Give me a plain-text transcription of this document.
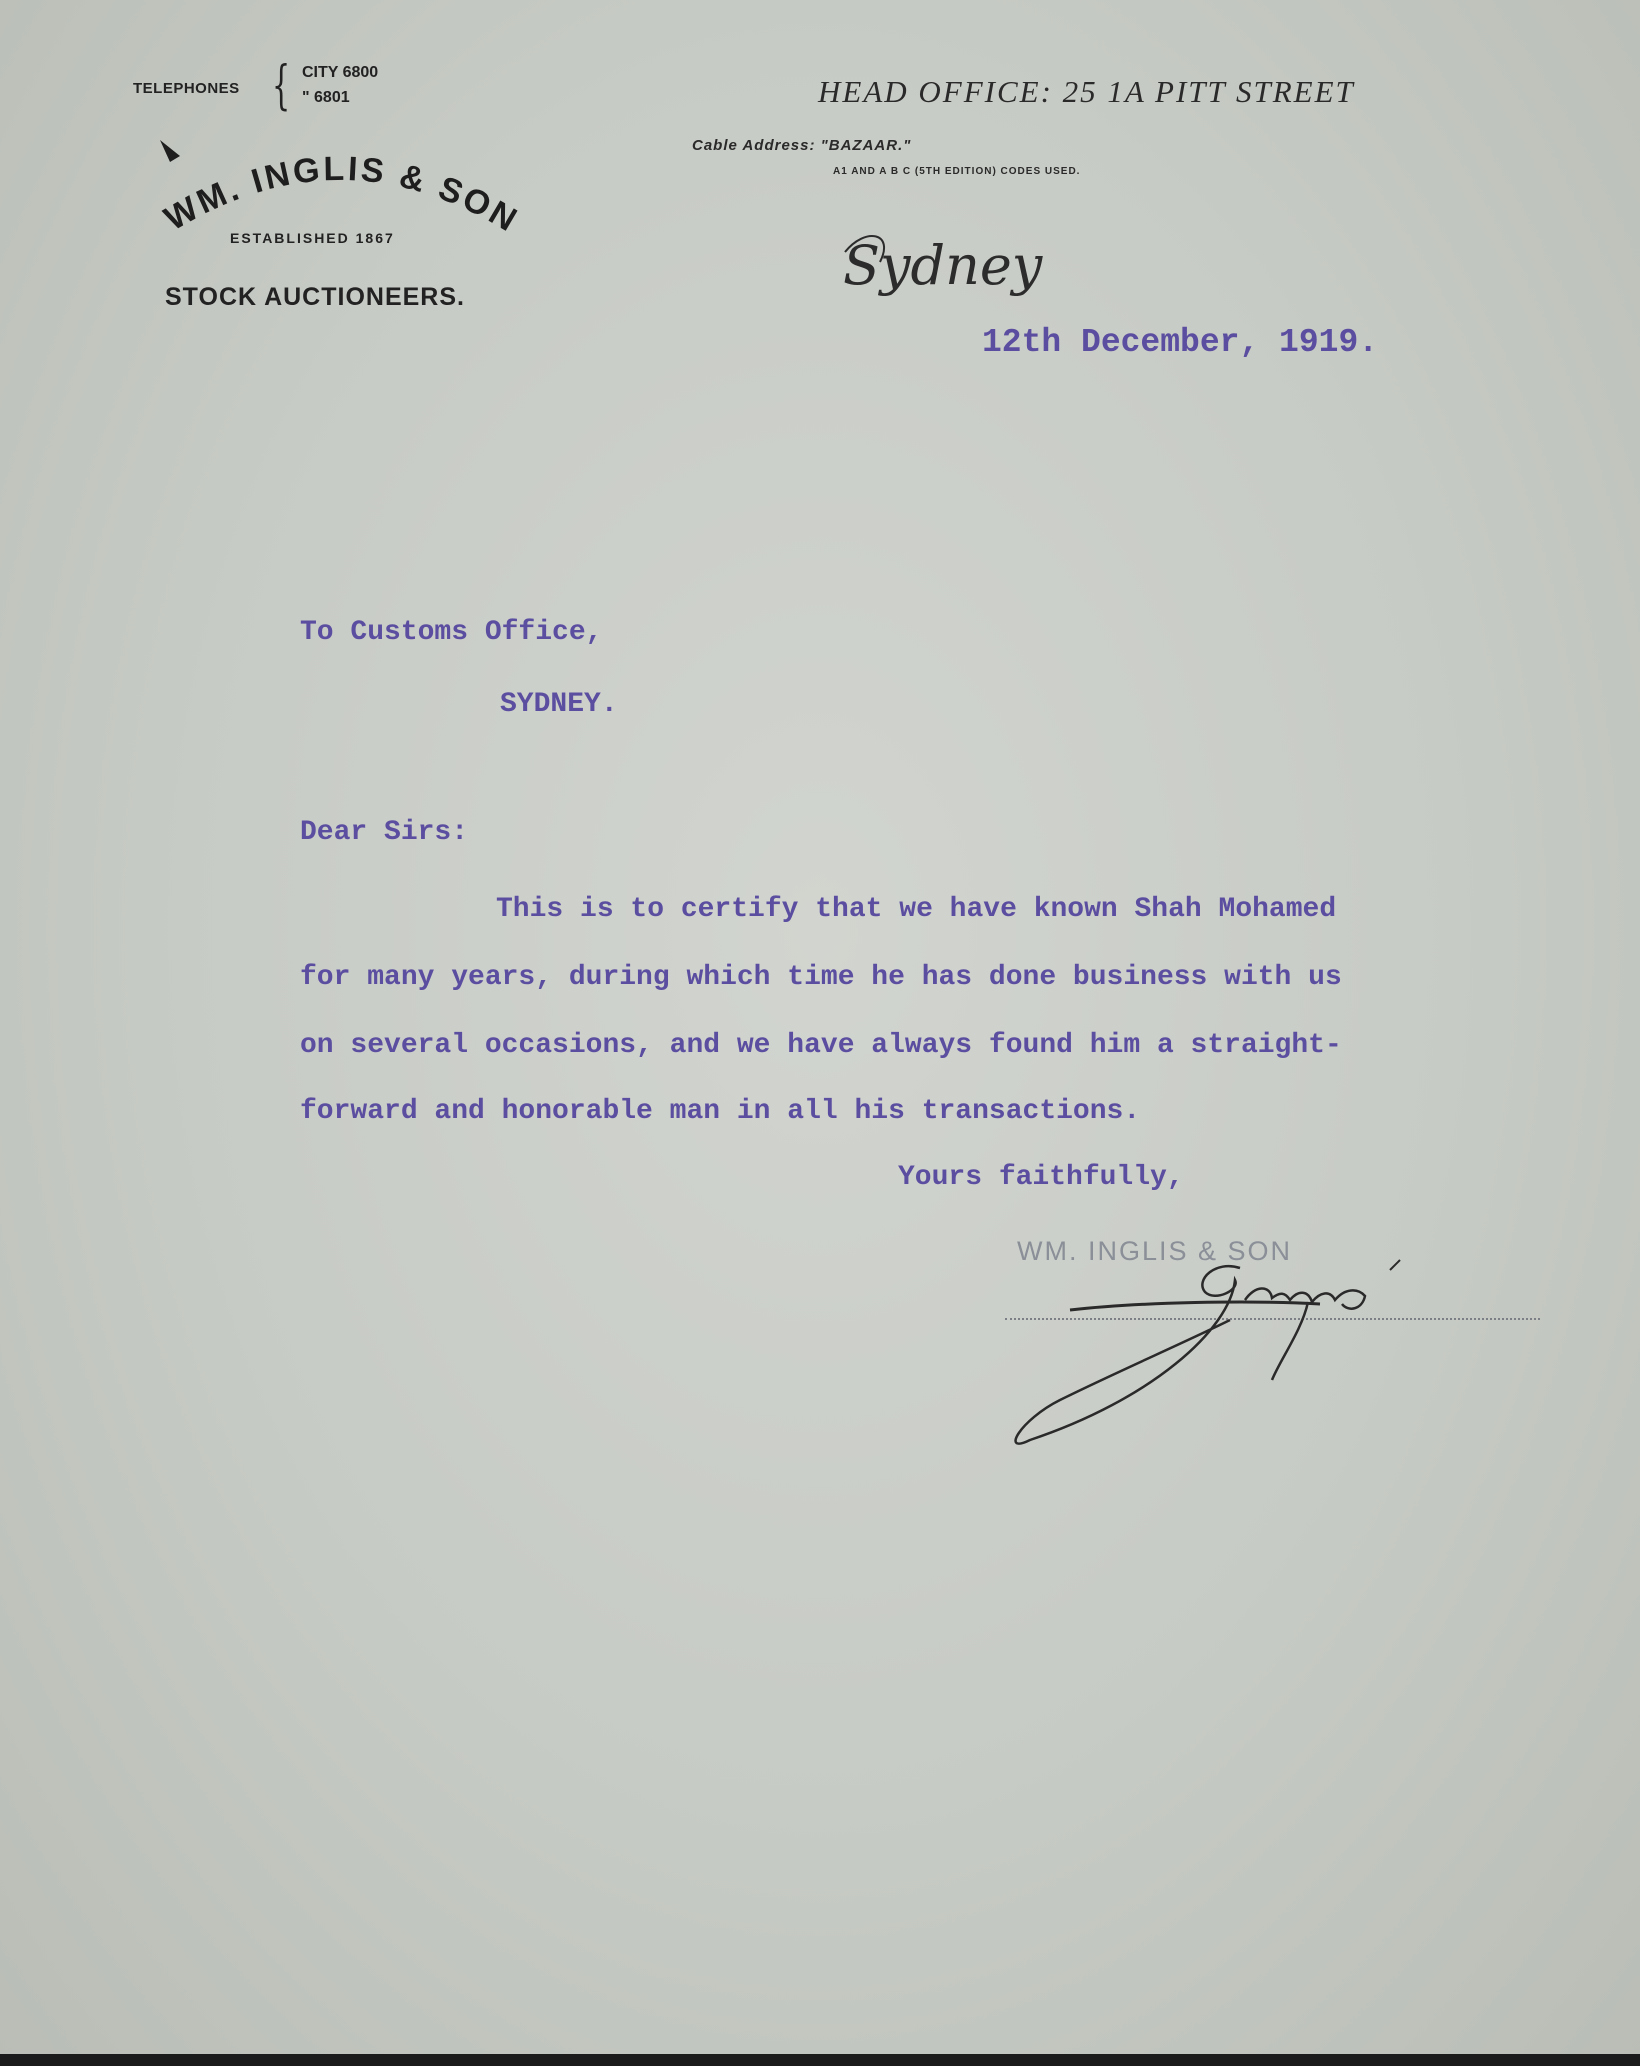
TELEPHONES { CITY 6800
" 6801
WM. INGLIS & SON
ESTABLISHED 1867
STOCK AUCTIONEERS.
HEAD OFFICE: 25 1A PITT STREET
Cable Address: "BAZAAR."
A1 AND A B C (5TH EDITION) CODES USED.
Sydney
12th December, 1919.
To Customs Office,
SYDNEY.
Dear Sirs:
This is to certify that we have known Shah Mohamed
for many years, during which time he has done business with us
on several occasions, and we have always found him a straight-
forward and honorable man in all his transactions.
Yours faithfully,
WM. INGLIS & SON
